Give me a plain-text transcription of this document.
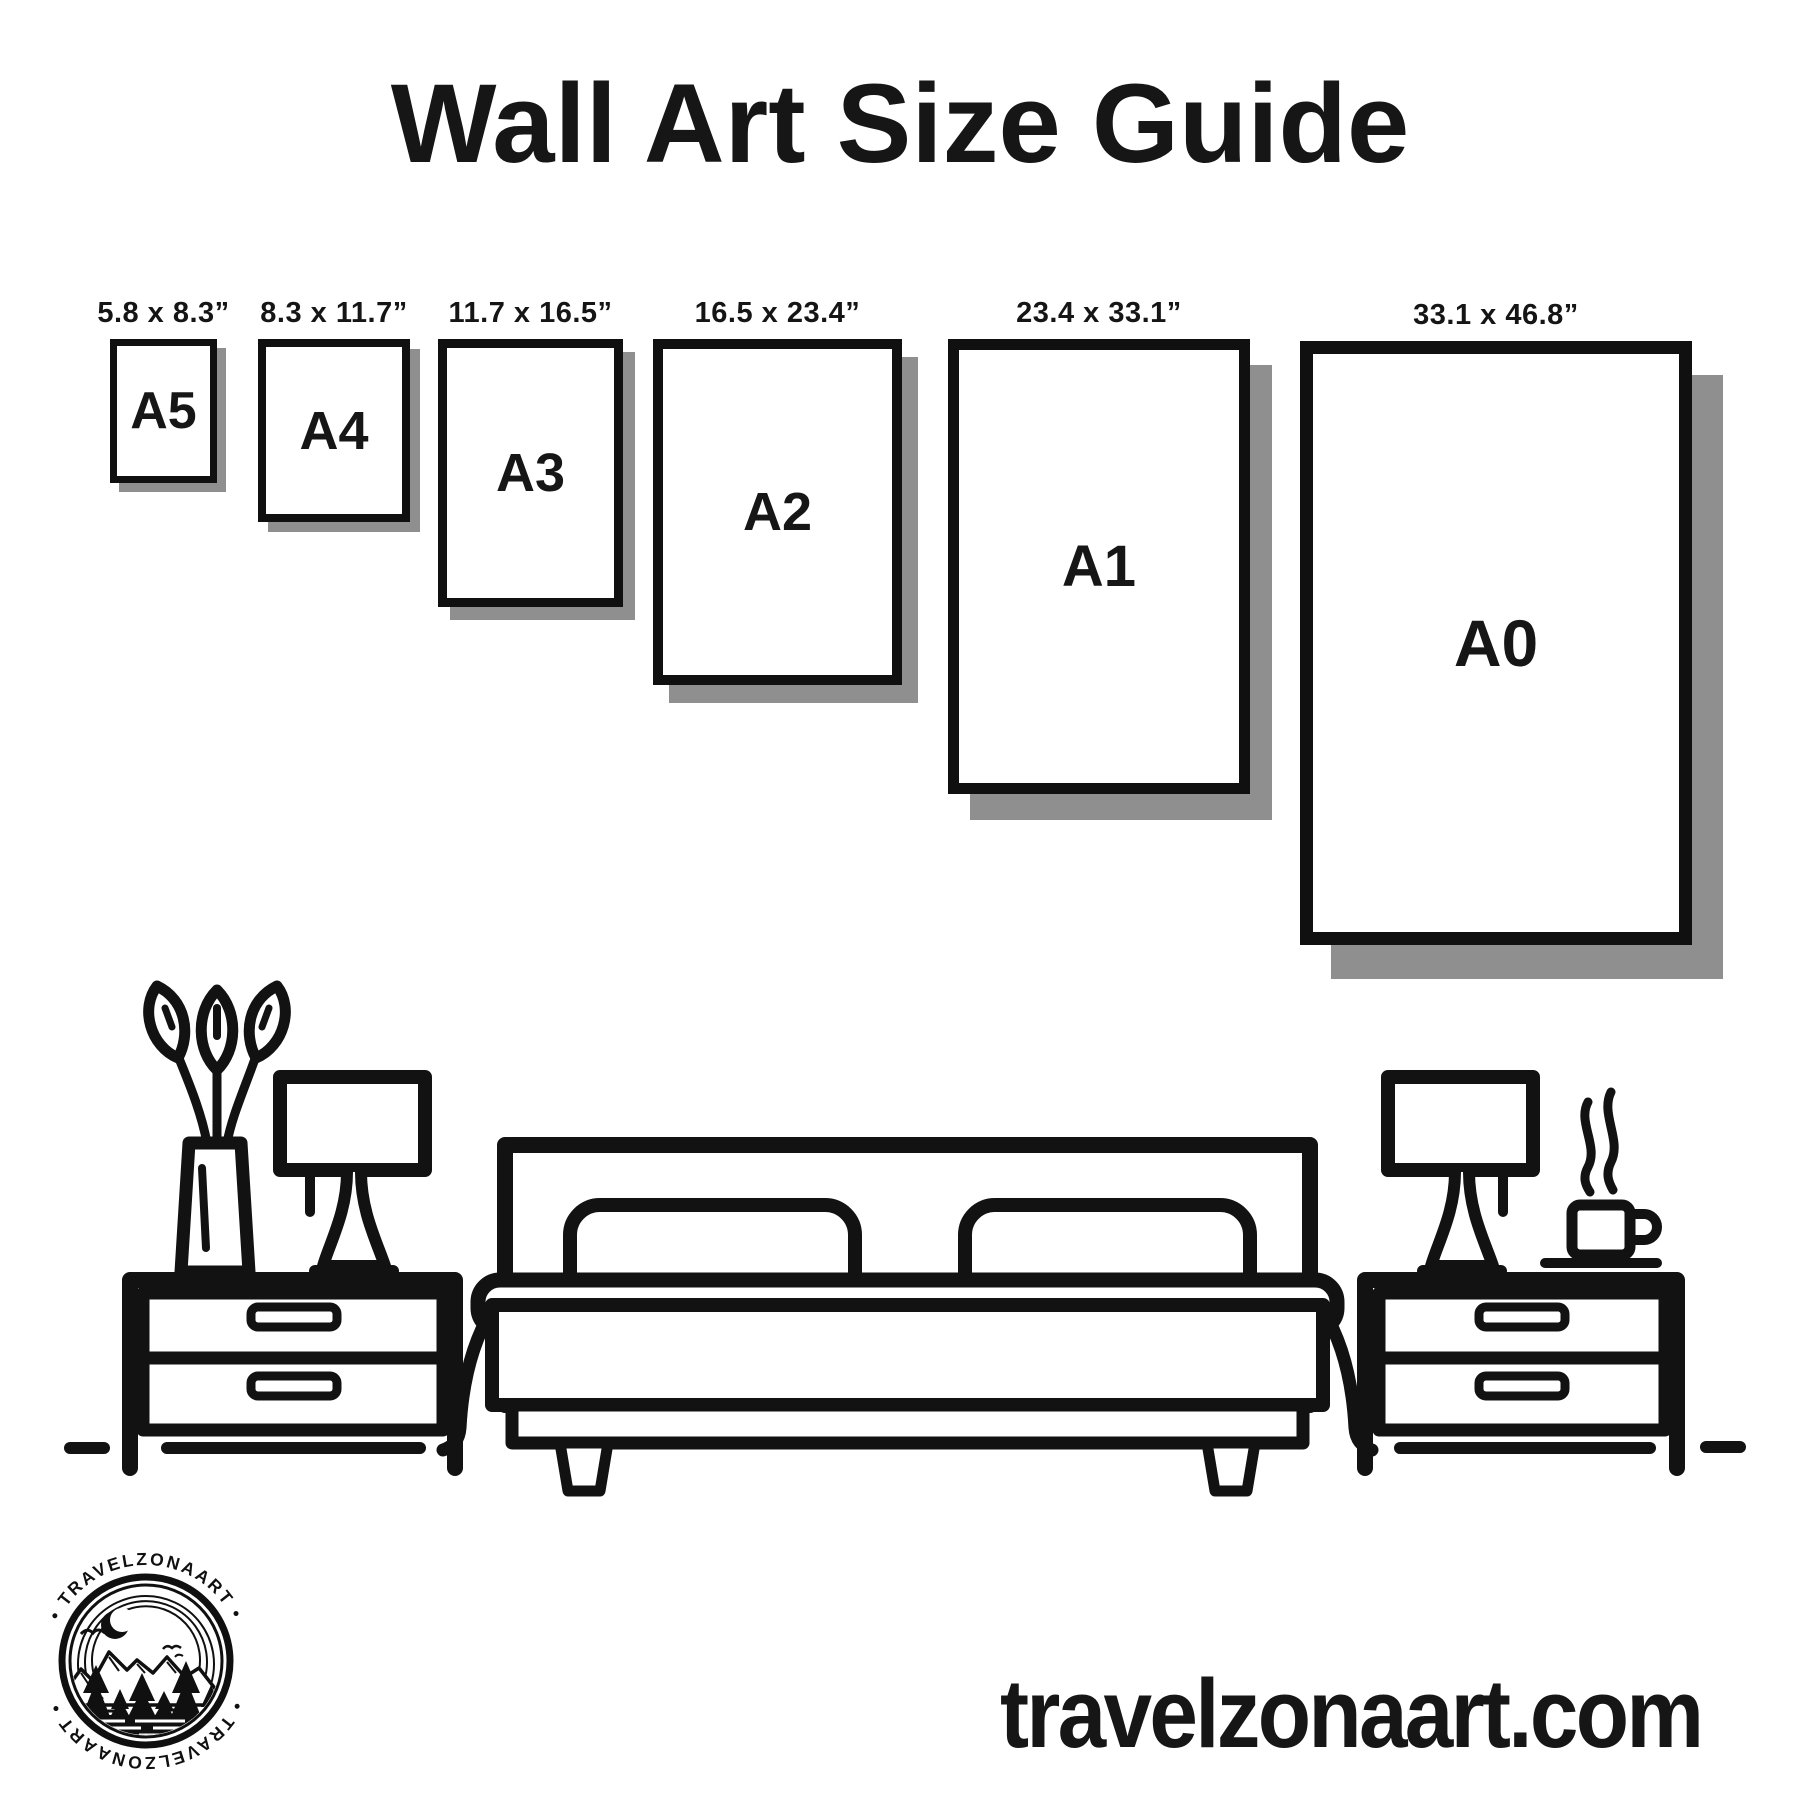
Wall Art Size Guide
5.8 x 8.3”
A5
8.3 x 11.7”
A4
11.7 x 16.5”
A3
16.5 x 23.4”
A2
23.4 x 33.1”
A1
33.1 x 46.8”
A0
• TRAVELZONAART •
• TRAVELZONAART •	travelzonaart.com
